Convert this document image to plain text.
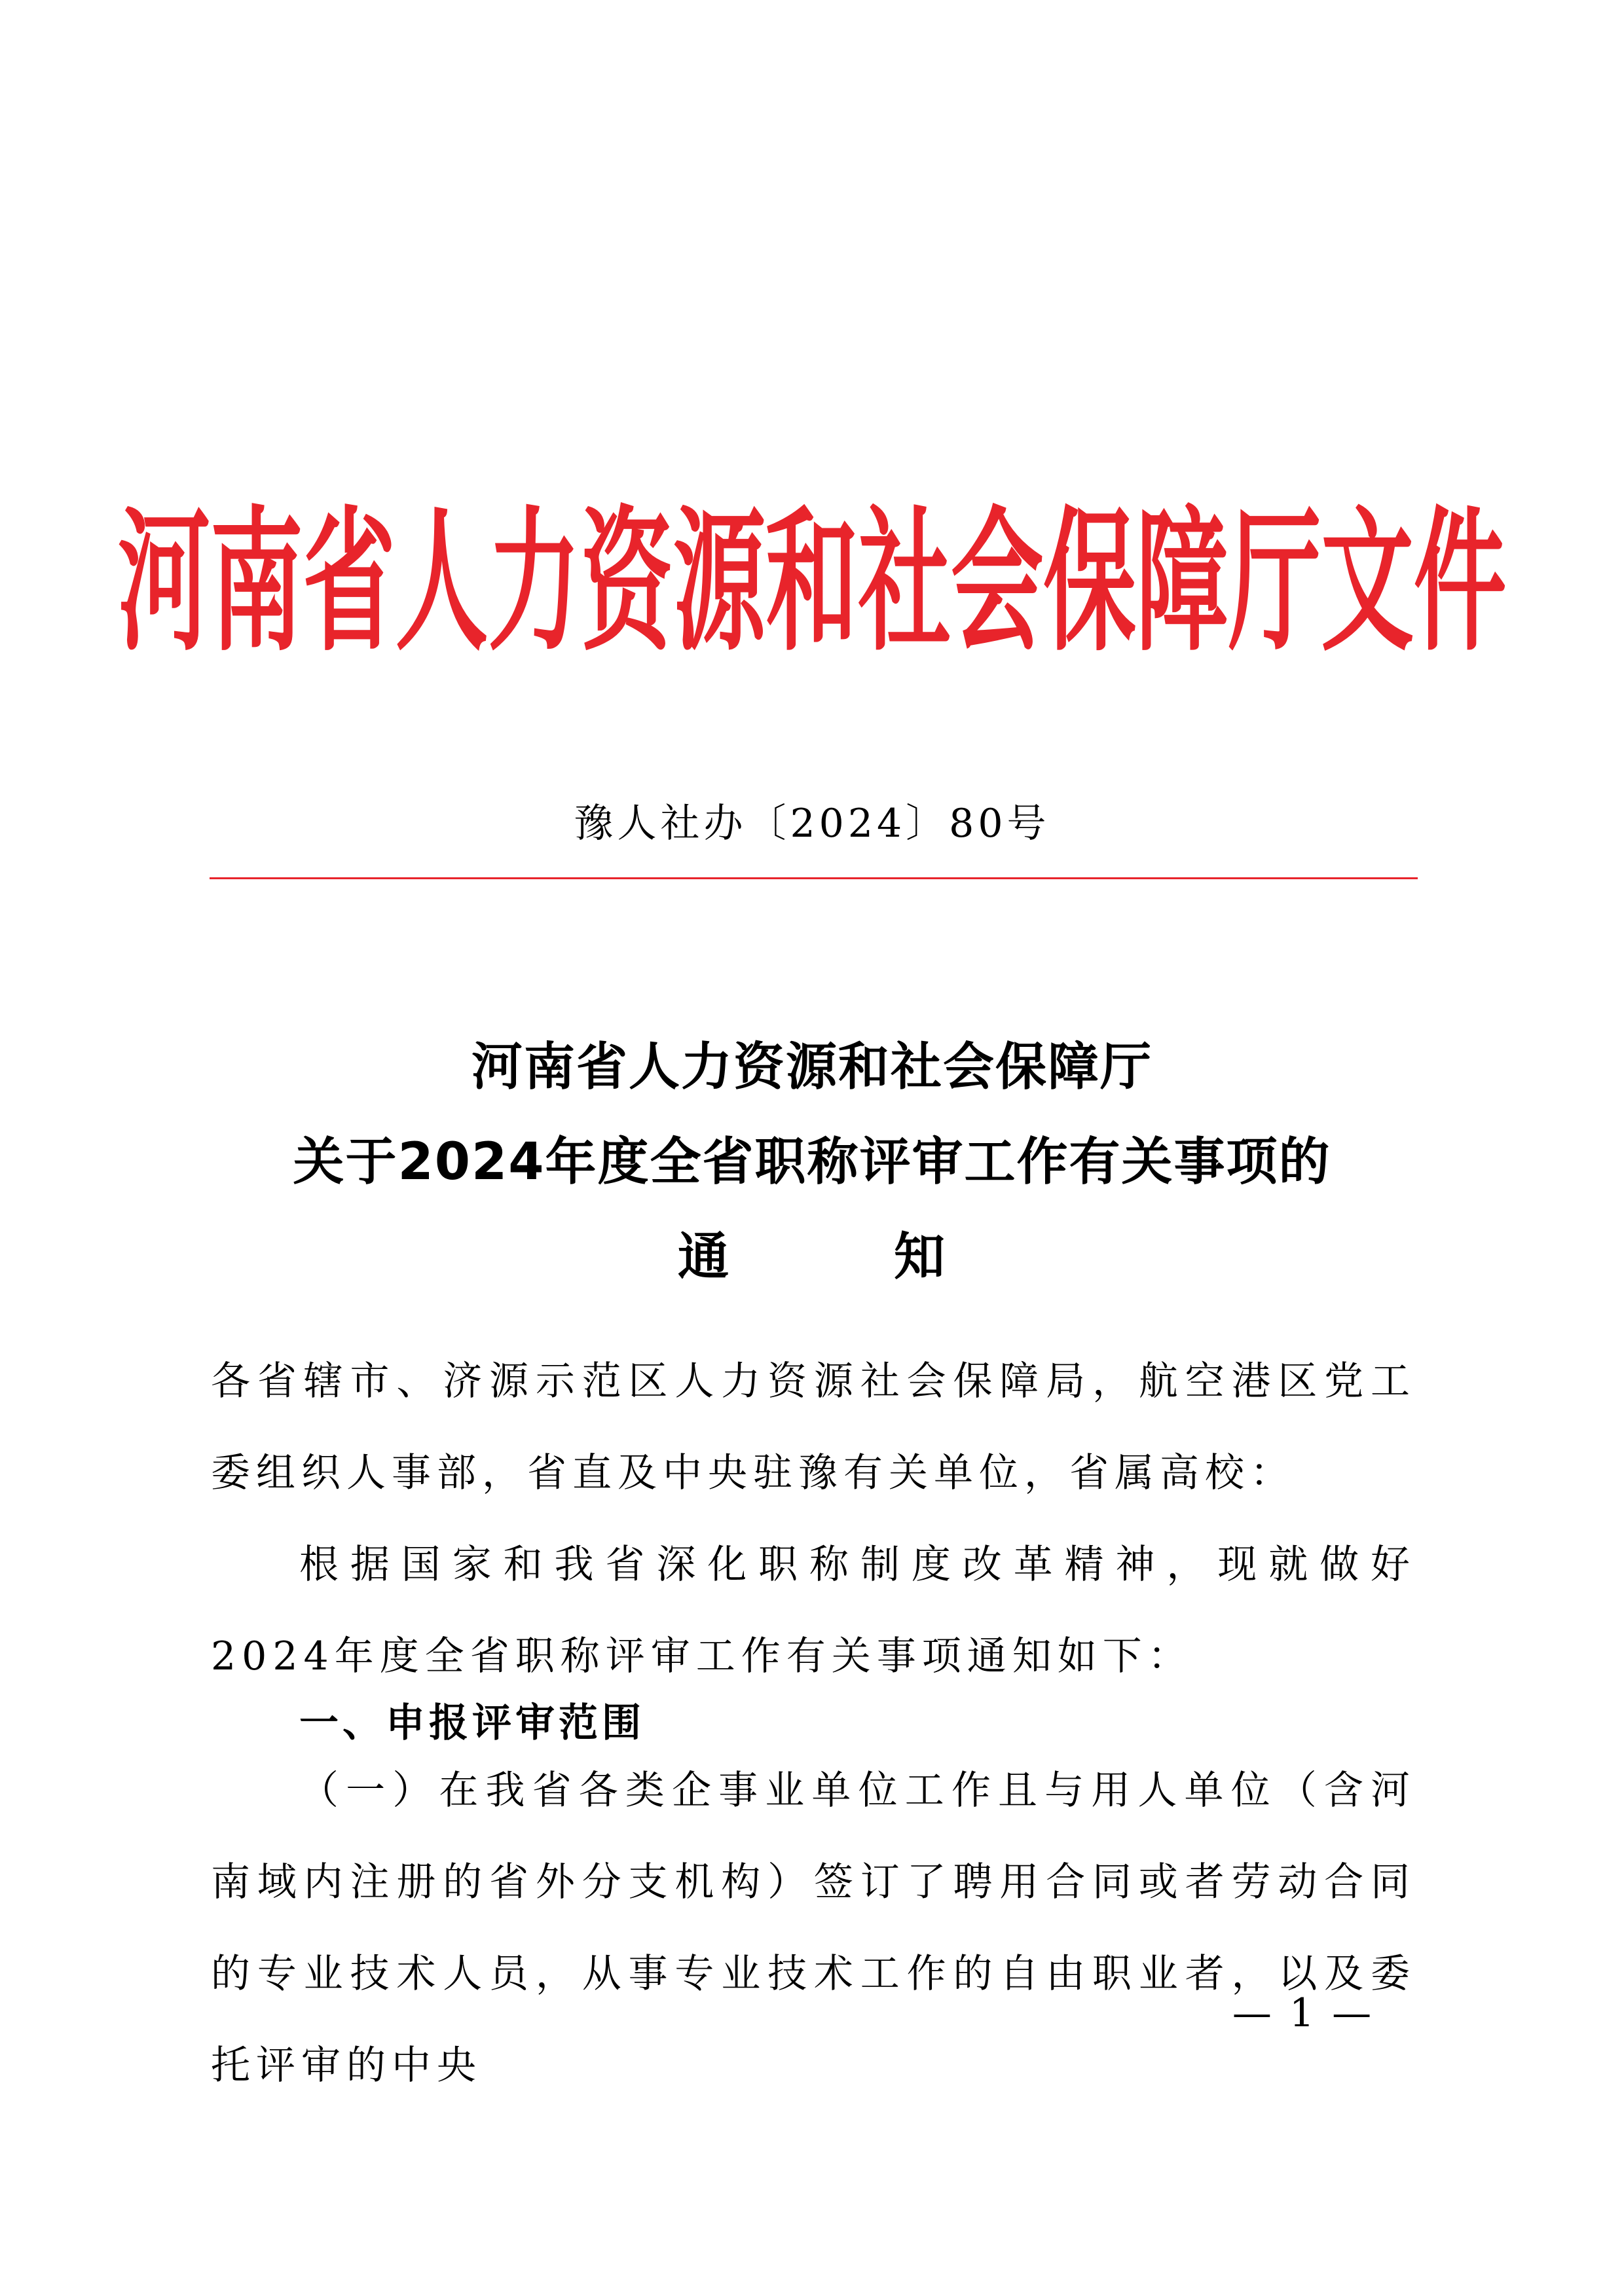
河南省人力资源和社会保障厅文件
豫人社办〔2024〕80号
河南省人力资源和社会保障厅
关于2024年度全省职称评审工作有关事项的
通	知
各省辖市、济源示范区人力资源社会保障局，航空港区党工委组织人事部，省直及中央驻豫有关单位，省属高校：
根据国家和我省深化职称制度改革精神，现就做好2024年度全省职称评审工作有关事项通知如下：
一、申报评审范围
（一）在我省各类企事业单位工作且与用人单位（含河南域内注册的省外分支机构）签订了聘用合同或者劳动合同的专业技术人员，从事专业技术工作的自由职业者，以及委托评审的中央
— 1 —
